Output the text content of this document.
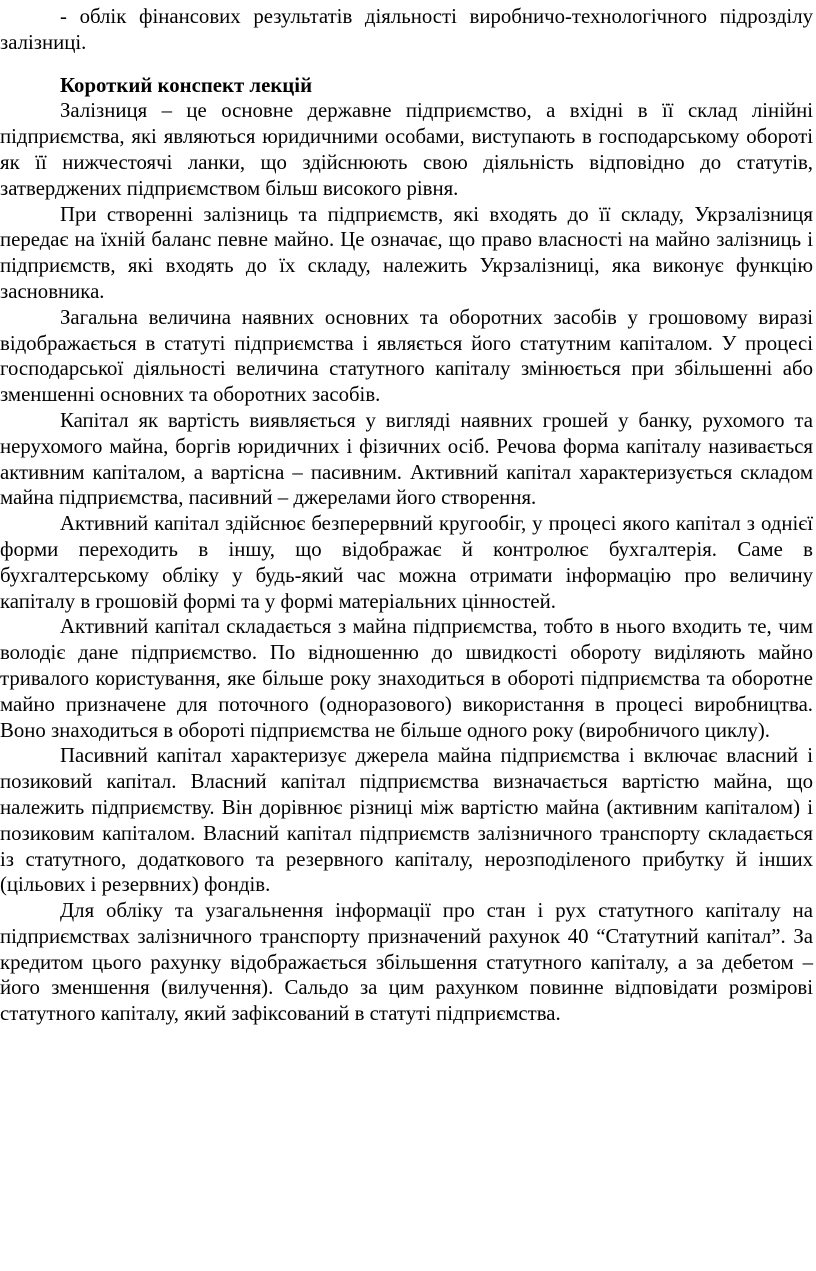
- облік фінансових результатів діяльності виробничо-технологічного підрозділу залізниці.

Короткий конспект лекцій

Залізниця – це основне державне підприємство, а вхідні в її склад лінійні підприємства, які являються юридичними особами, виступають в господарському обороті як її нижчестоячі ланки, що здійснюють свою діяльність відповідно до статутів, затверджених підприємством більш високого рівня.

При створенні залізниць та підприємств, які входять до її складу, Укрзалізниця передає на їхній баланс певне майно. Це означає, що право власності на майно залізниць і підприємств, які входять до їх складу, належить Укрзалізниці, яка виконує функцію засновника.

Загальна величина наявних основних та оборотних засобів у грошовому виразі відображається в статуті підприємства і являється його статутним капіталом. У процесі господарської діяльності величина статутного капіталу змінюється при збільшенні або зменшенні основних та оборотних засобів.

Капітал як вартість виявляється у вигляді наявних грошей у банку, рухомого та нерухомого майна, боргів юридичних і фізичних осіб. Речова форма капіталу називається активним капіталом, а вартісна – пасивним. Активний капітал характеризується складом майна підприємства, пасивний – джерелами його створення.

Активний капітал здійснює безперервний кругообіг, у процесі якого капітал з однієї форми переходить в іншу, що відображає й контролює бухгалтерія. Саме в бухгалтерському обліку у будь-який час можна отримати інформацію про величину капіталу в грошовій формі та у формі матеріальних цінностей.

Активний капітал складається з майна підприємства, тобто в нього входить те, чим володіє дане підприємство. По відношенню до швидкості обороту виділяють майно тривалого користування, яке більше року знаходиться в обороті підприємства та оборотне майно призначене для поточного (одноразового) використання в процесі виробництва. Воно знаходиться в обороті підприємства не більше одного року (виробничого циклу).

Пасивний капітал характеризує джерела майна підприємства і включає власний і позиковий капітал. Власний капітал підприємства визначається вартістю майна, що належить підприємству. Він дорівнює різниці між вартістю майна (активним капіталом) і позиковим капіталом. Власний капітал підприємств залізничного транспорту складається із статутного, додаткового та резервного капіталу, нерозподіленого прибутку й інших (цільових і резервних) фондів.

Для обліку та узагальнення інформації про стан і рух статутного капіталу на підприємствах залізничного транспорту призначений рахунок 40 “Статутний капітал”. За кредитом цього рахунку відображається збільшення статутного капіталу, а за дебетом – його зменшення (вилучення). Сальдо за цим рахунком повинне відповідати розмірові статутного капіталу, який зафіксований в статуті підприємства.
